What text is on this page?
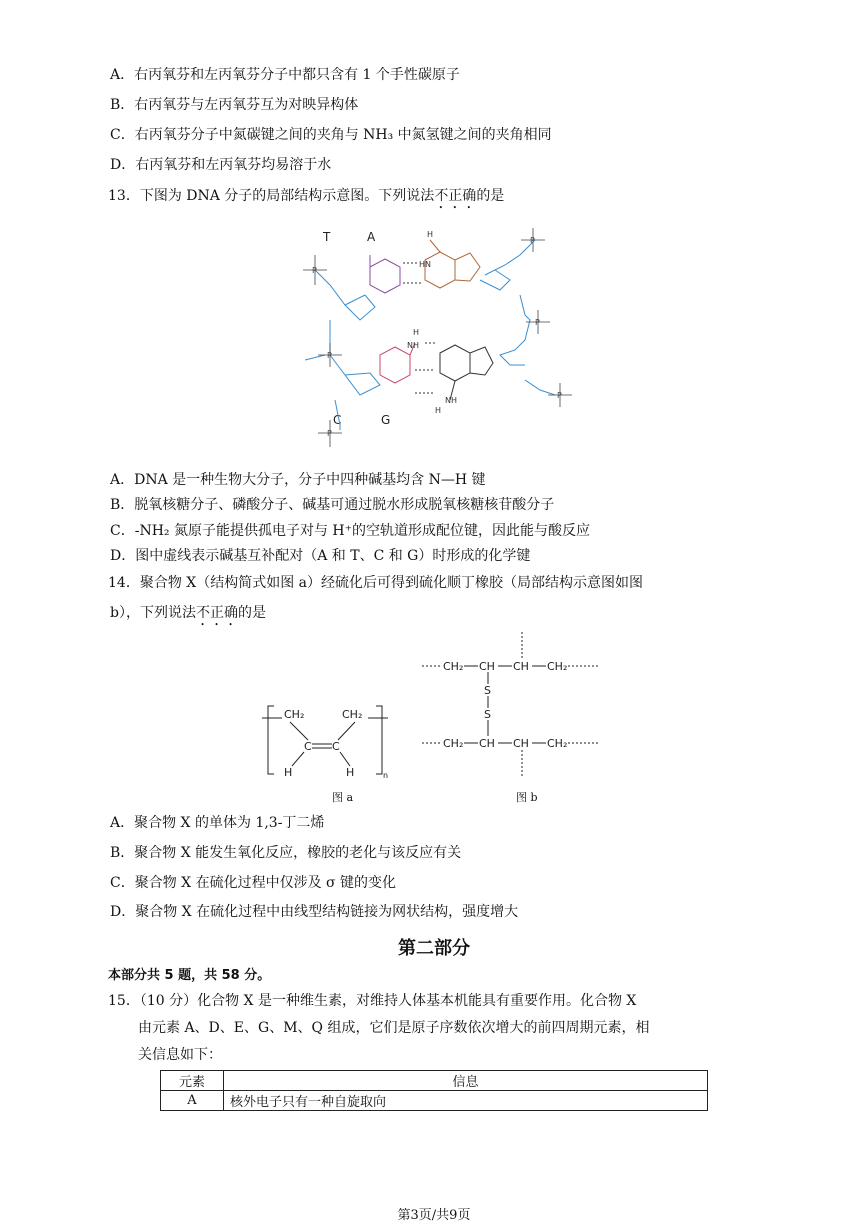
A．右丙氧芬和左丙氧芬分子中都只含有 1 个手性碳原子
B．右丙氧芬与左丙氧芬互为对映异构体
C．右丙氧芬分子中氮碳键之间的夹角与 NH₃ 中氮氢键之间的夹角相同
D．右丙氧芬和左丙氧芬均易溶于水
13．下图为 DNA 分子的局部结构示意图。下列说法不正确的是
T	A
C	G
P
P
P
P
P
P
HN
H
H
NH
H
NH
A．DNA 是一种生物大分子，分子中四种碱基均含 N—H 键
B．脱氧核糖分子、磷酸分子、碱基可通过脱水形成脱氧核糖核苷酸分子
C．-NH₂ 氮原子能提供孤电子对与 H⁺的空轨道形成配位键，因此能与酸反应
D．图中虚线表示碱基互补配对（A 和 T、C 和 G）时形成的化学键
14．聚合物 X（结构简式如图 a）经硫化后可得到硫化顺丁橡胶（局部结构示意图如图
b），下列说法不正确的是
CH₂	CH₂
C C
H	H	n
图 a
CH₂ CH CH CH₂
S
S
CH₂ CH CH CH₂
图 b
A．聚合物 X 的单体为 1,3-丁二烯
B．聚合物 X 能发生氧化反应，橡胶的老化与该反应有关
C．聚合物 X 在硫化过程中仅涉及 σ 键的变化
D．聚合物 X 在硫化过程中由线型结构链接为网状结构，强度增大
第二部分
本部分共 5 题，共 58 分。
15．（10 分）化合物 X 是一种维生素，对维持人体基本机能具有重要作用。化合物 X
由元素 A、D、E、G、M、Q 组成，它们是原子序数依次增大的前四周期元素，相
关信息如下：
元素	信息
A	核外电子只有一种自旋取向
第3页/共9页
